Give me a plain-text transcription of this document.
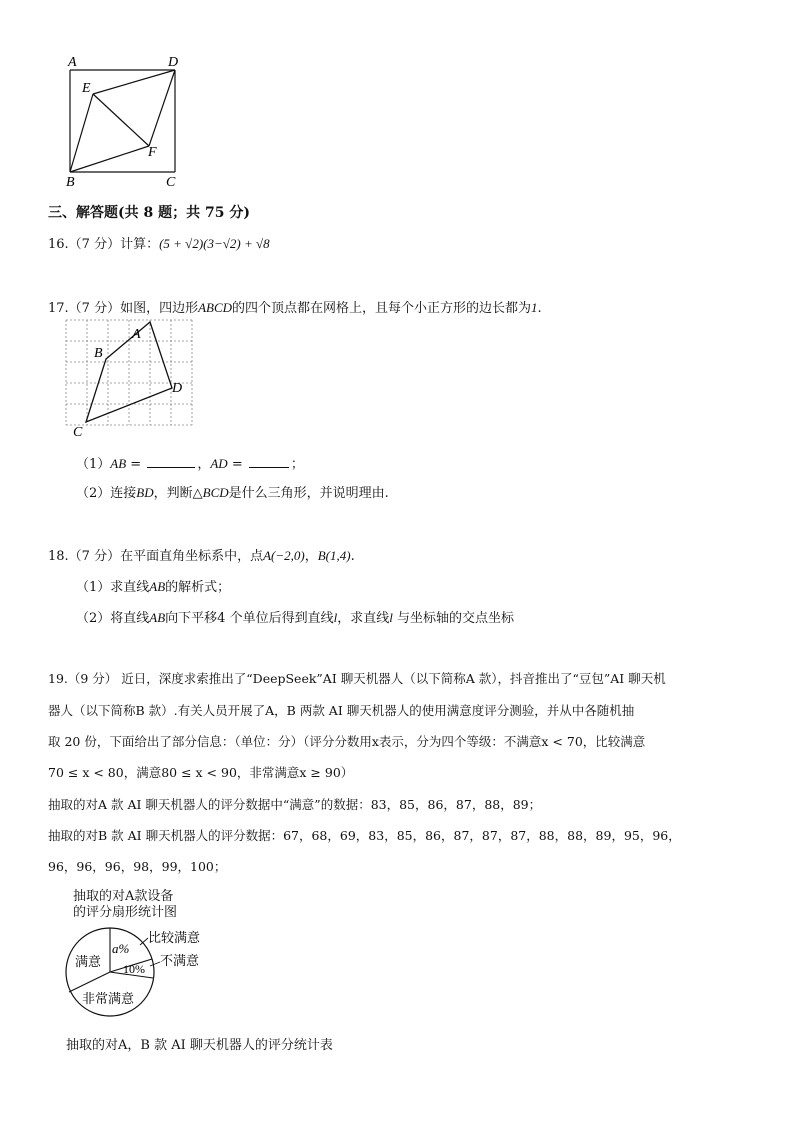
A	D
E
F
B	C
三、解答题(共 8 题；共 75 分)
16.（7 分）计算：(5 + √2)(3−√2) + √8
17.（7 分）如图，四边形ABCD的四个顶点都在网格上，且每个小正方形的边长都为1.
A
B
D
C
（1）AB =	，AD =	；
（2）连接BD，判断△BCD是什么三角形，并说明理由.
18.（7 分）在平面直角坐标系中，点A(−2,0)，B(1,4).
（1）求直线AB的解析式；
（2）将直线AB向下平移4 个单位后得到直线l，求直线l 与坐标轴的交点坐标
19.（9 分） 近日，深度求索推出了“DeepSeek”AI 聊天机器人（以下简称A 款），抖音推出了“豆包”AI 聊天机
器人（以下简称B 款）.有关人员开展了A，B 两款 AI 聊天机器人的使用满意度评分测验，并从中各随机抽
取 20 份，下面给出了部分信息：（单位：分）（评分分数用x表示，分为四个等级：不满意x < 70，比较满意
70 ≤ x < 80，满意80 ≤ x < 90，非常满意x ≥ 90）
抽取的对A 款 AI 聊天机器人的评分数据中“满意”的数据：83，85，86，87，88，89；
抽取的对B 款 AI 聊天机器人的评分数据：67，68，69，83，85，86，87，87，87，88，88，89，95，96，
96，96，96，98，99，100；
抽取的对A款设备
的评分扇形统计图
a%
10%
满意
非常满意
比较满意
不满意
抽取的对A，B 款 AI 聊天机器人的评分统计表
